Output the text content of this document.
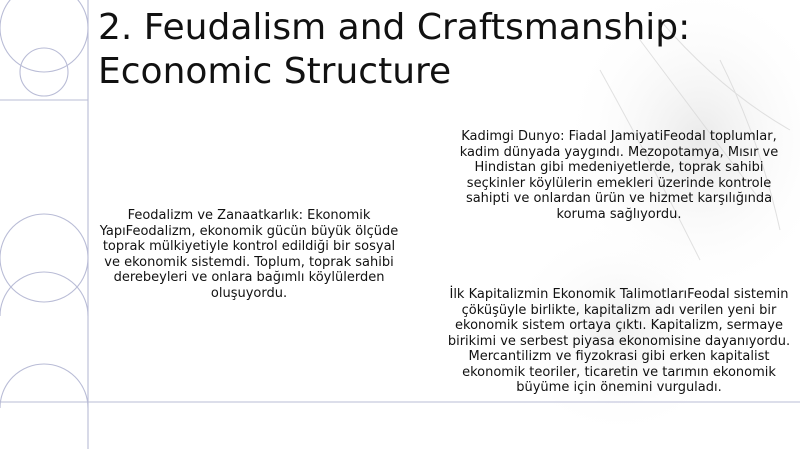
2. Feudalism and Craftsmanship:
Economic Structure
Feodalizm ve Zanaatkarlık: Ekonomik YapıFeodalizm, ekonomik gücün büyük ölçüde toprak mülkiyetiyle kontrol edildiği bir sosyal ve ekonomik sistemdi. Toplum, toprak sahibi derebeyleri ve onlara bağımlı köylülerden oluşuyordu.
Kadimgi Dunyo: Fiadal JamiyatiFeodal toplumlar, kadim dünyada yaygındı. Mezopotamya, Mısır ve Hindistan gibi medeniyetlerde, toprak sahibi seçkinler köylülerin emekleri üzerinde kontrole sahipti ve onlardan ürün ve hizmet karşılığında koruma sağlıyordu.
İlk Kapitalizmin Ekonomik TalimotlarıFeodal sistemin çöküşüyle birlikte, kapitalizm adı verilen yeni bir ekonomik sistem ortaya çıktı. Kapitalizm, sermaye birikimi ve serbest piyasa ekonomisine dayanıyordu. Mercantilizm ve fiyzokrasi gibi erken kapitalist ekonomik teoriler, ticaretin ve tarımın ekonomik büyüme için önemini vurguladı.
